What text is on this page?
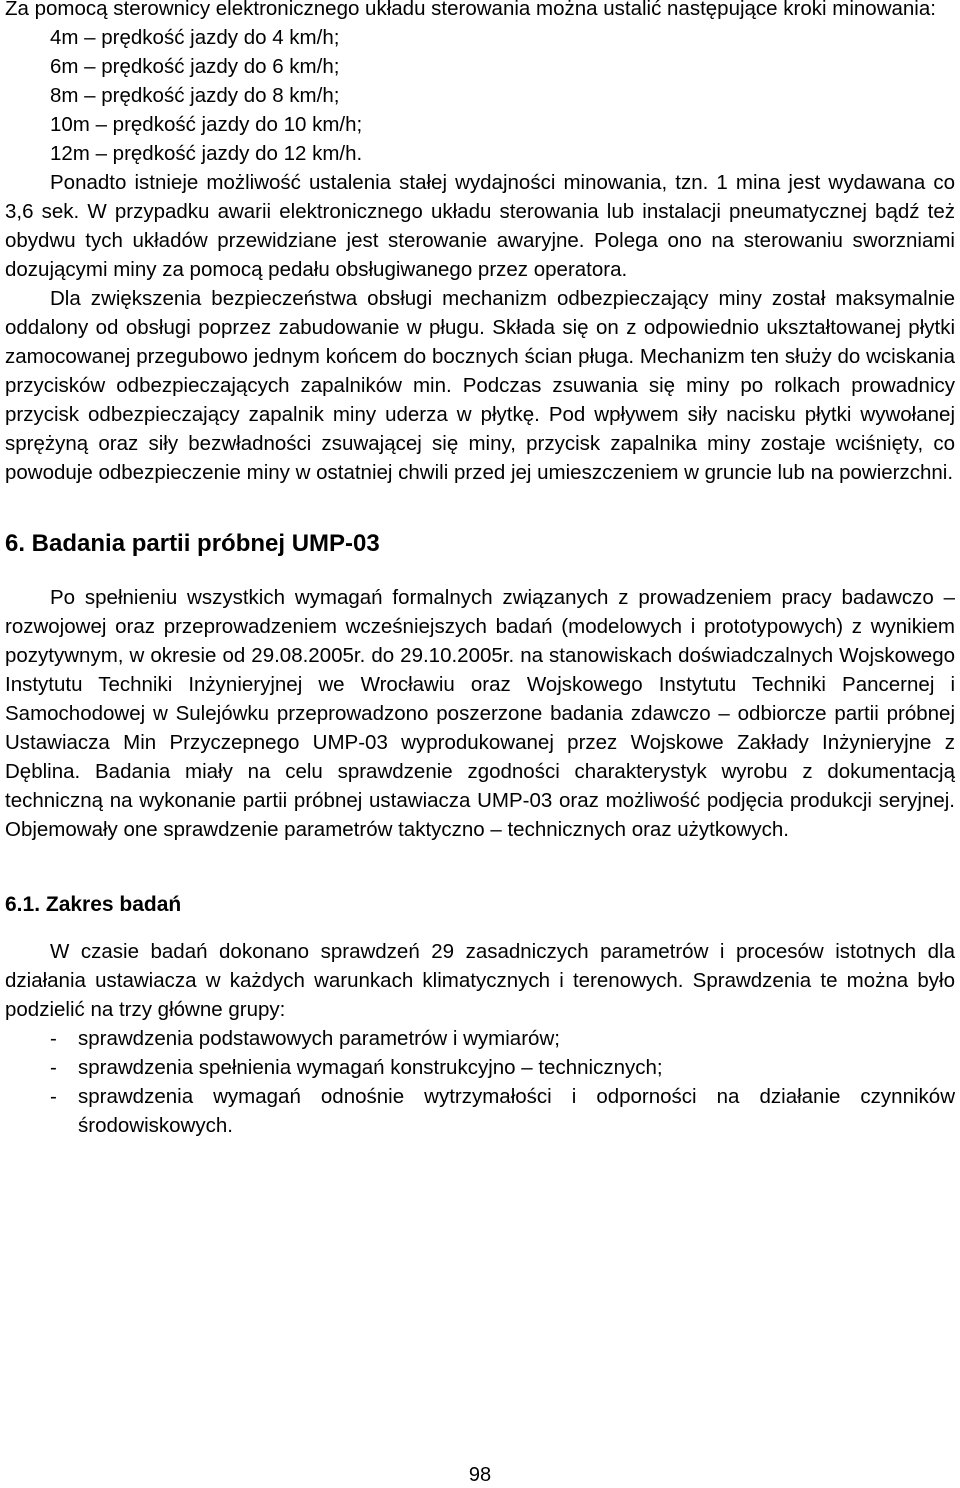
Za pomocą sterownicy elektronicznego układu sterowania można ustalić następujące kroki minowania:

4m – prędkość jazdy do 4 km/h;

6m – prędkość jazdy do 6 km/h;

8m – prędkość jazdy do 8 km/h;

10m – prędkość jazdy do 10 km/h;

12m – prędkość jazdy do 12 km/h.

Ponadto istnieje możliwość ustalenia stałej wydajności minowania, tzn. 1 mina jest wydawana co 3,6 sek. W przypadku awarii elektronicznego układu sterowania lub instalacji pneumatycznej bądź też obydwu tych układów przewidziane jest sterowanie awaryjne. Polega ono na sterowaniu sworzniami dozującymi miny za pomocą pedału obsługiwanego przez operatora.

Dla zwiększenia bezpieczeństwa obsługi mechanizm odbezpieczający miny został maksymalnie oddalony od obsługi poprzez zabudowanie w pługu. Składa się on z odpowiednio ukształtowanej płytki zamocowanej przegubowo jednym końcem do bocznych ścian pługa. Mechanizm ten służy do wciskania przycisków odbezpieczających zapalników min. Podczas zsuwania się miny po rolkach prowadnicy przycisk odbezpieczający zapalnik miny uderza w płytkę. Pod wpływem siły nacisku płytki wywołanej sprężyną oraz siły bezwładności zsuwającej się miny, przycisk zapalnika miny zostaje wciśnięty, co powoduje odbezpieczenie miny w ostatniej chwili przed jej umieszczeniem w gruncie lub na powierzchni.

6. Badania partii próbnej UMP-03

Po spełnieniu wszystkich wymagań formalnych związanych z prowadzeniem pracy badawczo – rozwojowej oraz przeprowadzeniem wcześniejszych badań (modelowych i prototypowych) z wynikiem pozytywnym, w okresie od 29.08.2005r. do 29.10.2005r. na stanowiskach doświadczalnych Wojskowego Instytutu Techniki Inżynieryjnej we Wrocławiu oraz Wojskowego Instytutu Techniki Pancernej i Samochodowej w Sulejówku przeprowadzono poszerzone badania zdawczo – odbiorcze partii próbnej Ustawiacza Min Przyczepnego UMP-03 wyprodukowanej przez Wojskowe Zakłady Inżynieryjne z Dęblina. Badania miały na celu sprawdzenie zgodności charakterystyk wyrobu z dokumentacją techniczną na wykonanie partii próbnej ustawiacza UMP-03 oraz możliwość podjęcia produkcji seryjnej. Objemowały one sprawdzenie parametrów taktyczno – technicznych oraz użytkowych.

6.1. Zakres badań

W czasie badań dokonano sprawdzeń 29 zasadniczych parametrów i procesów istotnych dla działania ustawiacza w każdych warunkach klimatycznych i terenowych. Sprawdzenia te można było podzielić na trzy główne grupy:

- sprawdzenia podstawowych parametrów i wymiarów;
- sprawdzenia spełnienia wymagań konstrukcyjno – technicznych;
- sprawdzenia wymagań odnośnie wytrzymałości i odporności na działanie czynników środowiskowych.
98
